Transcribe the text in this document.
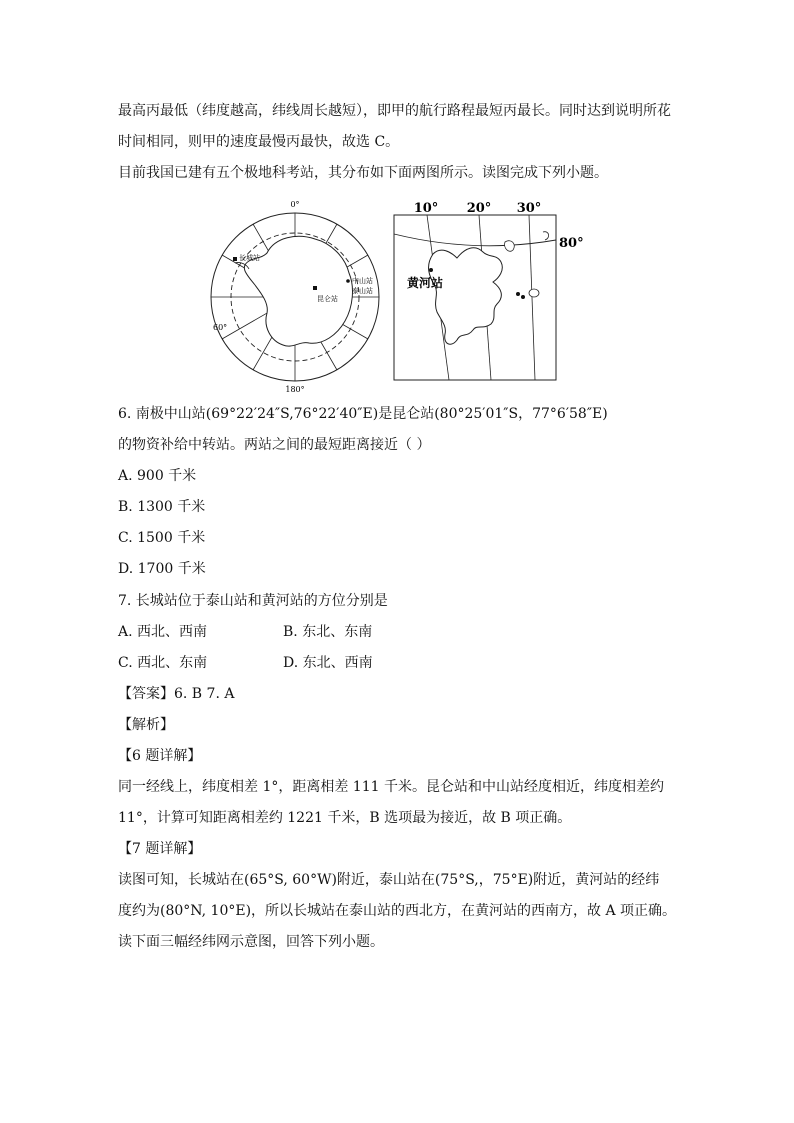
最高丙最低（纬度越高，纬线周长越短），即甲的航行路程最短丙最长。同时达到说明所花
时间相同，则甲的速度最慢丙最快，故选 C。
目前我国已建有五个极地科考站，其分布如下面两图所示。读图完成下列小题。
0°
180°
60°
长城站
中山站
泰山站
昆仑站
10° 20° 30°
80°
黄河站
6. 南极中山站(69°22′24″S,76°22′40″E)是昆仑站(80°25′01″S，77°6′58″E)
的物资补给中转站。两站之间的最短距离接近（ ）
A. 900 千米
B. 1300 千米
C. 1500 千米
D. 1700 千米
7. 长城站位于泰山站和黄河站的方位分别是
A. 西北、西南	B. 东北、东南
C. 西北、东南	D. 东北、西南
【答案】6. B 7. A
【解析】
【6 题详解】
同一经线上，纬度相差 1°，距离相差 111 千米。昆仑站和中山站经度相近，纬度相差约
11°，计算可知距离相差约 1221 千米，B 选项最为接近，故 B 项正确。
【7 题详解】
读图可知，长城站在(65°S, 60°W)附近，泰山站在(75°S,，75°E)附近，黄河站的经纬
度约为(80°N, 10°E)，所以长城站在泰山站的西北方，在黄河站的西南方，故 A 项正确。
读下面三幅经纬网示意图，回答下列小题。
